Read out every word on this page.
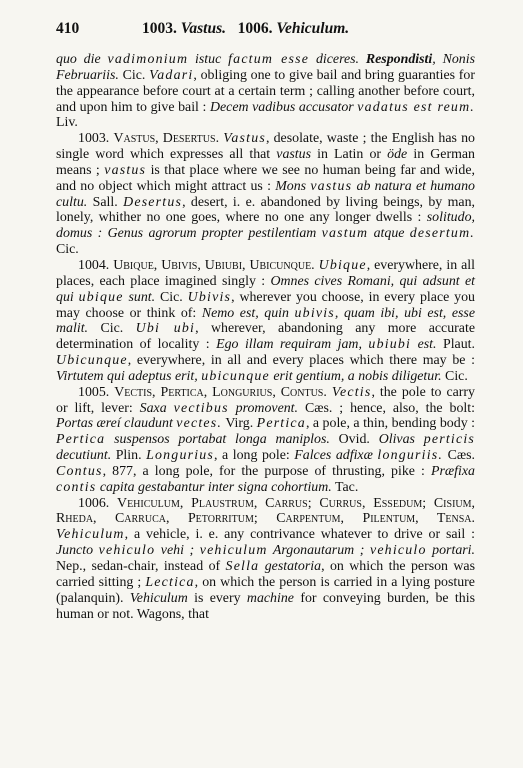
410	1003. Vastus. 1006. Vehiculum.

quo die vadimonium istuc factum esse diceres. Respondisti, Nonis Februariis. Cic. Vadari, obliging one to give bail and bring guaranties for the appearance before court at a certain term ; calling another before court, and upon him to give bail : Decem vadibus accusator vadatus est reum. Liv.

1003. Vastus, Desertus. Vastus, desolate, waste ; the English has no single word which expresses all that vastus in Latin or öde in German means ; vastus is that place where we see no human being far and wide, and no object which might attract us : Mons vastus ab natura et humano cultu. Sall. Desertus, desert, i. e. abandoned by living beings, by man, lonely, whither no one goes, where no one any longer dwells : solitudo, domus : Genus agrorum propter pestilentiam vastum atque desertum. Cic.

1004. Ubique, Ubivis, Ubiubi, Ubicunque. Ubique, everywhere, in all places, each place imagined singly : Omnes cives Romani, qui adsunt et qui ubique sunt. Cic. Ubivis, wherever you choose, in every place you may choose or think of: Nemo est, quin ubivis, quam ibi, ubi est, esse malit. Cic. Ubi ubi, wherever, abandoning any more accurate determination of locality : Ego illam requiram jam, ubiubi est. Plaut. Ubicunque, everywhere, in all and every places which there may be : Virtutem qui adeptus erit, ubicunque erit gentium, a nobis diligetur. Cic.

1005. Vectis, Pertica, Longurius, Contus. Vectis, the pole to carry or lift, lever: Saxa vectibus promovent. Cæs. ; hence, also, the bolt: Portas æreí claudunt vectes. Virg. Pertica, a pole, a thin, bending body : Pertica suspensos portabat longa maniplos. Ovid. Olivas perticis decutiunt. Plin. Longurius, a long pole: Falces adfixæ longuriis. Cæs. Contus, 877, a long pole, for the purpose of thrusting, pike : Præfixa contis capita gestabantur inter signa cohortium. Tac.

1006. Vehiculum, Plaustrum, Carrus; Currus, Essedum; Cisium, Rheda, Carruca, Petorritum; Carpentum, Pilentum, Tensa. Vehiculum, a vehicle, i. e. any contrivance whatever to drive or sail : Juncto vehiculo vehi ; vehiculum Argonautarum ; vehiculo portari. Nep., sedan-chair, instead of Sella gestatoria, on which the person was carried sitting ; Lectica, on which the person is carried in a lying posture (palanquin). Vehiculum is every machine for conveying burden, be this human or not. Wagons, that
